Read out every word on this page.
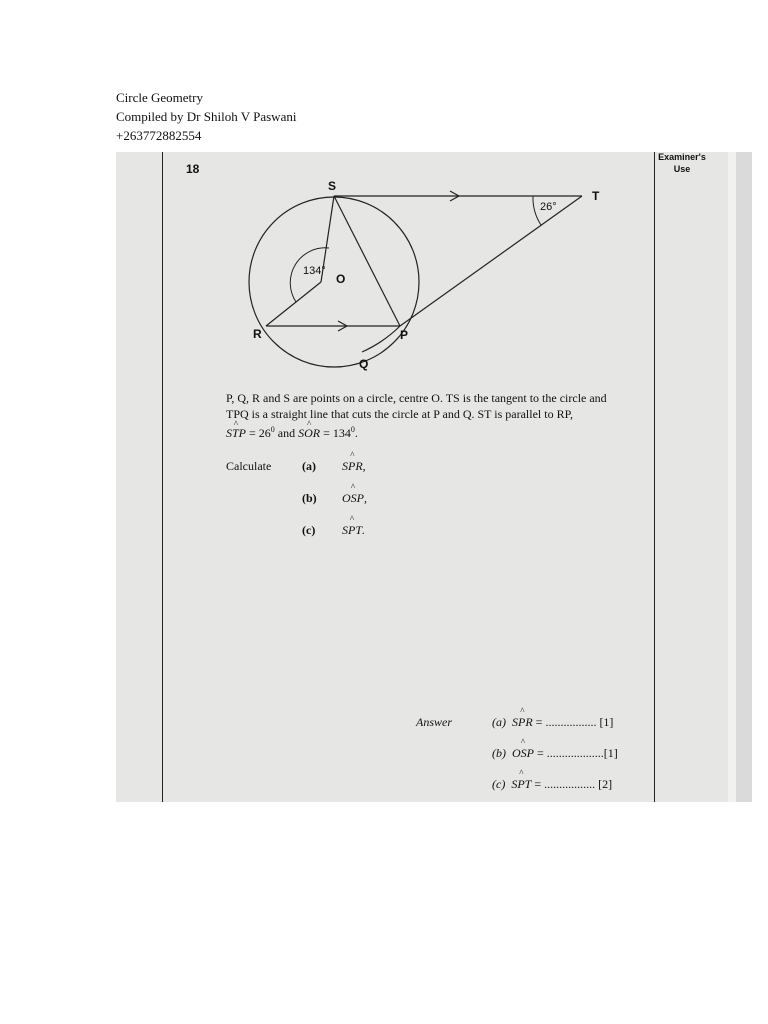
Circle Geometry
Compiled by Dr Shiloh V Paswani
+263772882554
18
Examiner's
Use
S
T
O
R	P
Q
26°
134°
P, Q, R and S are points on a circle, centre O. TS is the tangent to the circle and
TPQ is a straight line that cuts the circle at P and Q. ST is parallel to RP,
STP ^ = $26^0$ and SOR ^ = $134^0$.
Calculate	(a) SPR ^,
(b) OSP ^,
(c) SPT ^.
Answer	(a) SPR ^ = ................. [1]
(b) OSP ^ = ...................[1]
(c) SPT ^ = ................. [2]
